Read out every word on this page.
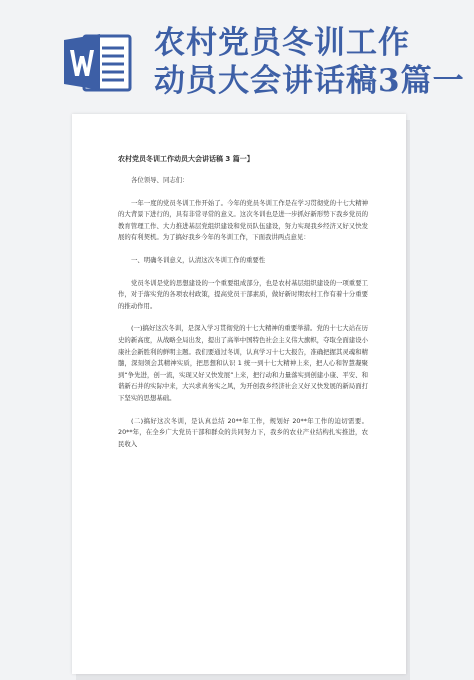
农村党员冬训工作
动员大会讲话稿3篇一
农村党员冬训工作动员大会讲话稿 3 篇一】

各位领导、同志们：

一年一度的党员冬训工作开始了。今年的党员冬训工作是在学习贯彻党的十七大精神的大背景下进行的，具有非常寻常的意义。这次冬训也是进一步抓好新形势下我乡党员的教育管理工作、大力推进基层党组织建设和党员队伍建设，努力实现我乡经济又好又快发展的有利契机。为了搞好我乡今年的冬训工作，下面我讲两点意见：

一、明确冬训意义，认清这次冬训工作的重要性

党员冬训是党的思想建设的一个重要组成部分，也是农村基层组织建设的一项重要工作，对于落实党的各项农村政策，提高党员干部素质，做好新时期农村工作有着十分重要的推动作用。

(一)搞好这次冬训，是深入学习贯彻党的十七大精神的重要举措。党的十七大站在历史的新高度，从战略全局出发，提出了高举中国特色社会主义伟大旗帜，夺取全面建设小康社会新胜利的鲜明主题。我们要通过冬训，认真学习十七大报告，准确把握其灵魂和精髓，深刻领会其精神实质，把思想和认识 1 统一到十七大精神上来，把人心和智慧凝聚到“争先进，创一流，实现又好又快发展”上来，把行动和力量落实到创建小康、平安、和谐新石井的实际中来，大兴求真务实之风，为开创我乡经济社会又好又快发展的新局面打下坚实的思想基础。

(二)搞好这次冬训，是认真总结 20**年工作，规划好 20**年工作的迫切需要。 20**年，在全乡广大党员干部和群众的共同努力下，我乡的农业产业结构扎实推进，农民收入
